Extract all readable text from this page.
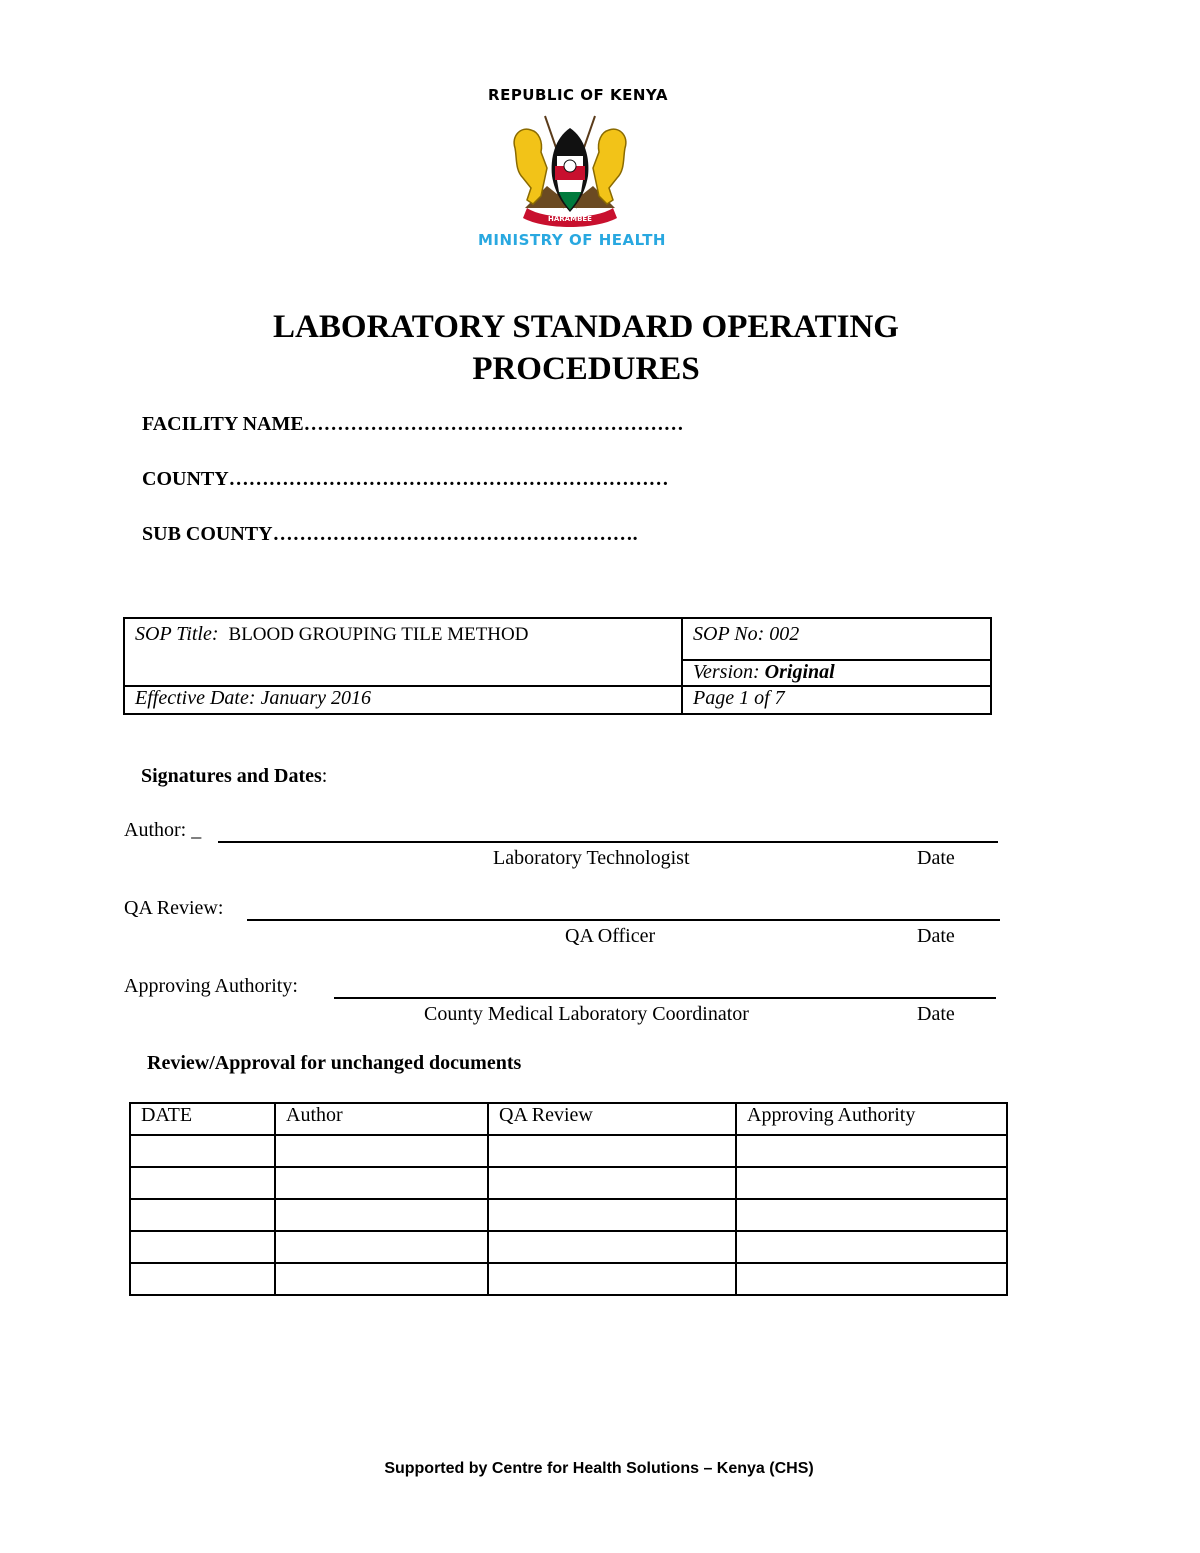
REPUBLIC OF KENYA
HARAMBEE
MINISTRY OF HEALTH
LABORATORY STANDARD OPERATING
PROCEDURES
FACILITY NAME…………………………………………………
COUNTY…………………………………………………………
SUB COUNTY……………………………………………….
SOP Title: BLOOD GROUPING TILE METHOD	SOP No: 002
	Version: Original
Effective Date: January 2016	Page 1 of 7
Signatures and Dates:
Author: _
Laboratory Technologist	Date
QA Review:
QA Officer	Date
Approving Authority:
County Medical Laboratory Coordinator	Date
Review/Approval for unchanged documents
DATE	Author	QA Review	Approving Authority

Supported by Centre for Health Solutions – Kenya (CHS)
